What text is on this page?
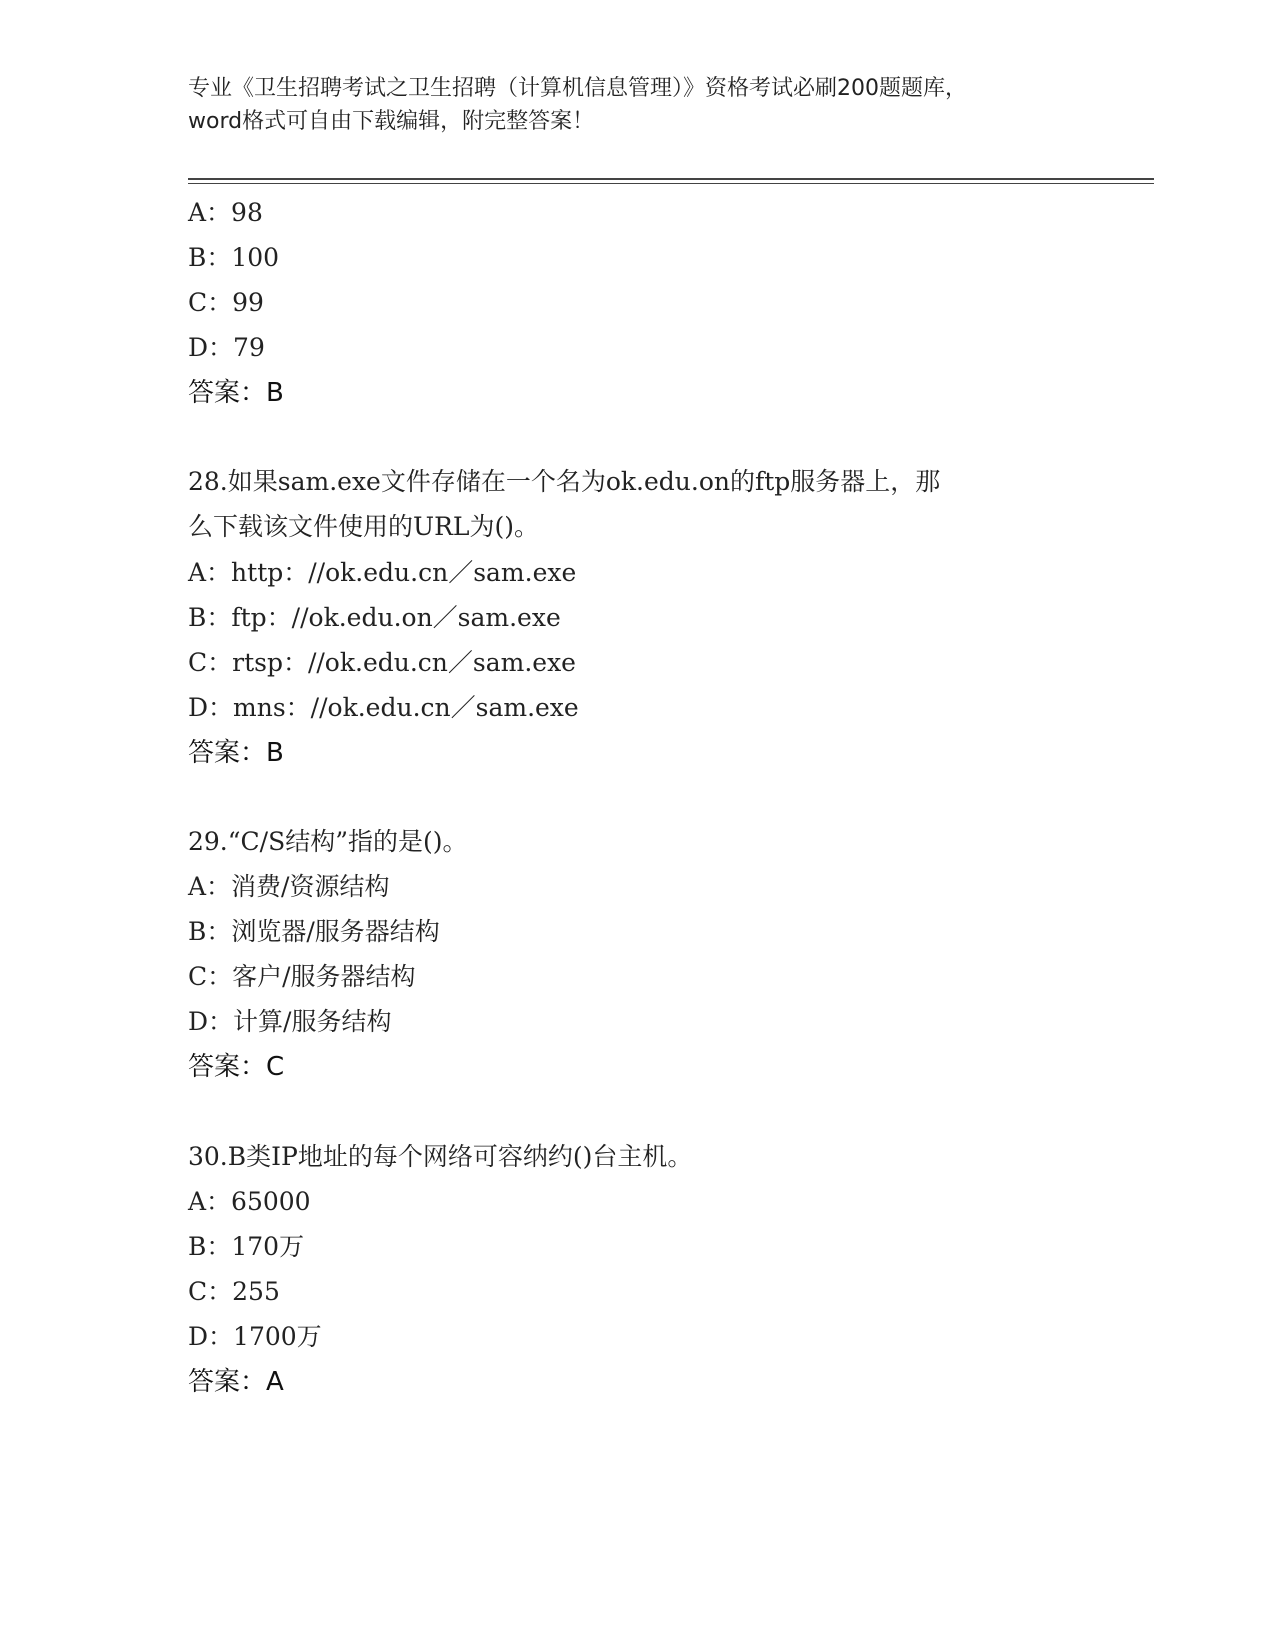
专业《卫生招聘考试之卫生招聘（计算机信息管理）》资格考试必刷200题题库，

word格式可自由下载编辑，附完整答案！

A：98
B：100
C：99
D：79
答案：B
28.如果sam.exe文件存储在一个名为ok.edu.on的ftp服务器上，那
么下载该文件使用的URL为()。
A：http：//ok.edu.cn／sam.exe
B：ftp：//ok.edu.on／sam.exe
C：rtsp：//ok.edu.cn／sam.exe
D：mns：//ok.edu.cn／sam.exe
答案：B
29.“C/S结构”指的是()。
A：消费/资源结构
B：浏览器/服务器结构
C：客户/服务器结构
D：计算/服务结构
答案：C
30.B类IP地址的每个网络可容纳约()台主机。
A：65000
B：170万
C：255
D：1700万
答案：A
